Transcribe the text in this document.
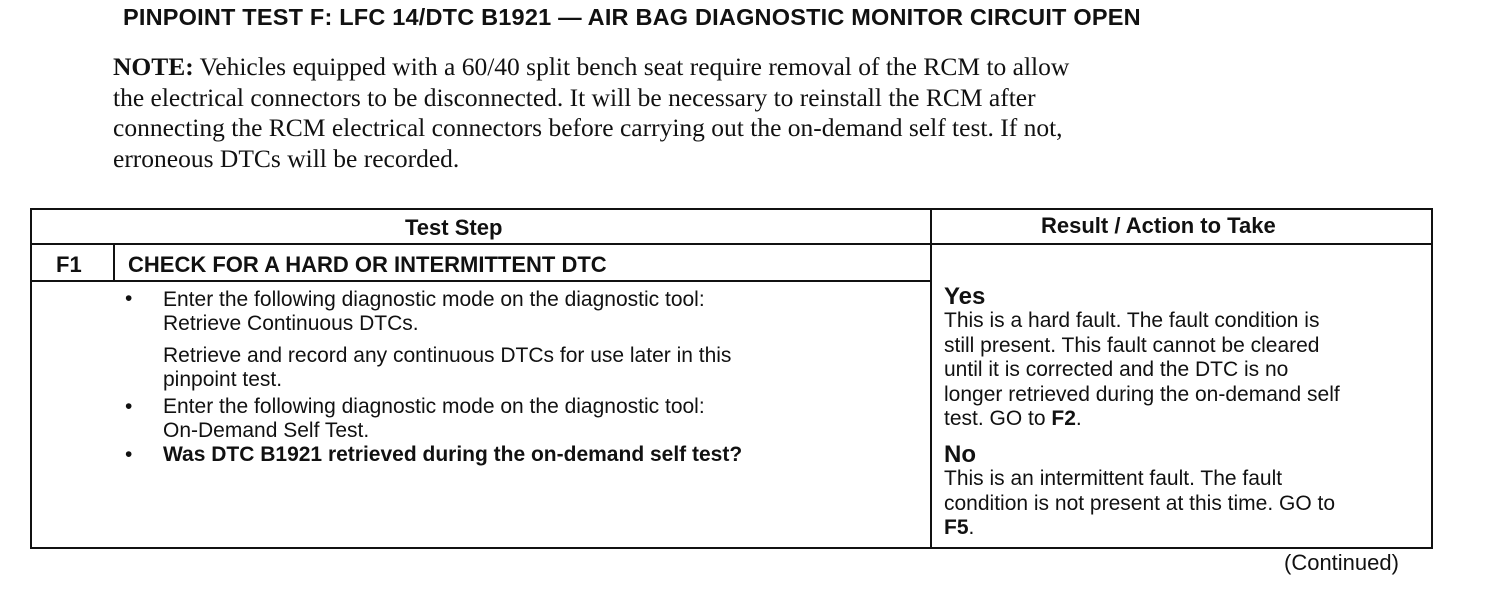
PINPOINT TEST F: LFC 14/DTC B1921 — AIR BAG DIAGNOSTIC MONITOR CIRCUIT OPEN
NOTE: Vehicles equipped with a 60/40 split bench seat require removal of the RCM to allow
the electrical connectors to be disconnected. It will be necessary to reinstall the RCM after
connecting the RCM electrical connectors before carrying out the on-demand self test. If not,
erroneous DTCs will be recorded.
Test Step	Result / Action to Take
F1 CHECK FOR A HARD OR INTERMITTENT DTC
• Enter the following diagnostic mode on the diagnostic tool:
Retrieve Continuous DTCs.
Retrieve and record any continuous DTCs for use later in this
pinpoint test.
• Enter the following diagnostic mode on the diagnostic tool:
On-Demand Self Test.
• Was DTC B1921 retrieved during the on-demand self test?
Yes
This is a hard fault. The fault condition is
still present. This fault cannot be cleared
until it is corrected and the DTC is no
longer retrieved during the on-demand self
test. GO to F2.
No
This is an intermittent fault. The fault
condition is not present at this time. GO to
F5.
(Continued)
